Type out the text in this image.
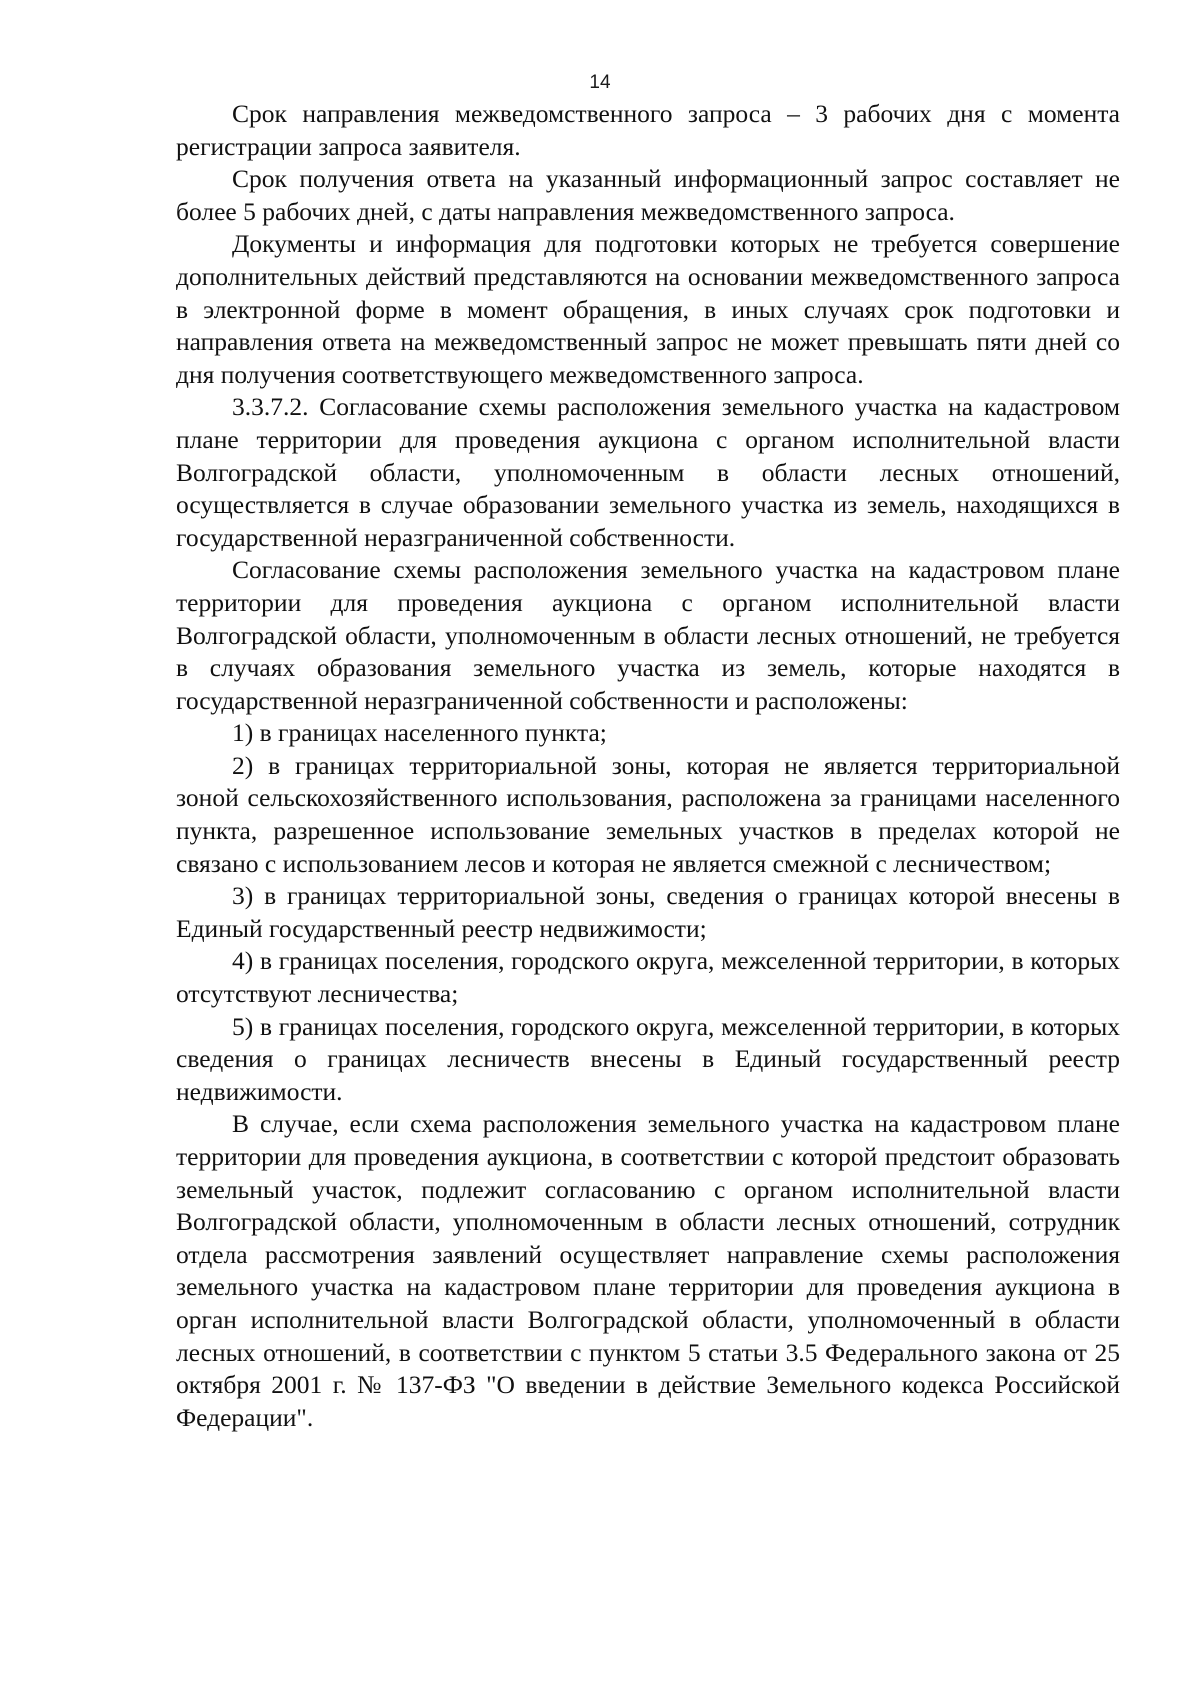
14

Срок направления межведомственного запроса – 3 рабочих дня с момента регистрации запроса заявителя.

Срок получения ответа на указанный информационный запрос составляет не более 5 рабочих дней, с даты направления межведомственного запроса.

Документы и информация для подготовки которых не требуется совершение дополнительных действий представляются на основании межведомственного запроса в электронной форме в момент обращения, в иных случаях срок подготовки и направления ответа на межведомственный запрос не может превышать пяти дней со дня получения соответствующего межведомственного запроса.

3.3.7.2. Согласование схемы расположения земельного участка на кадастровом плане территории для проведения аукциона с органом исполнительной власти Волгоградской области, уполномоченным в области лесных отношений, осуществляется в случае образовании земельного участка из земель, находящихся в государственной неразграниченной собственности.

Согласование схемы расположения земельного участка на кадастровом плане территории для проведения аукциона с органом исполнительной власти Волгоградской области, уполномоченным в области лесных отношений, не требуется в случаях образования земельного участка из земель, которые находятся в государственной неразграниченной собственности и расположены:

1) в границах населенного пункта;

2) в границах территориальной зоны, которая не является территориальной зоной сельскохозяйственного использования, расположена за границами населенного пункта, разрешенное использование земельных участков в пределах которой не связано с использованием лесов и которая не является смежной с лесничеством;

3) в границах территориальной зоны, сведения о границах которой внесены в Единый государственный реестр недвижимости;

4) в границах поселения, городского округа, межселенной территории, в которых отсутствуют лесничества;

5) в границах поселения, городского округа, межселенной территории, в которых сведения о границах лесничеств внесены в Единый государственный реестр недвижимости.

В случае, если схема расположения земельного участка на кадастровом плане территории для проведения аукциона, в соответствии с которой предстоит образовать земельный участок, подлежит согласованию с органом исполнительной власти Волгоградской области, уполномоченным в области лесных отношений, сотрудник отдела рассмотрения заявлений осуществляет направление схемы расположения земельного участка на кадастровом плане территории для проведения аукциона в орган исполнительной власти Волгоградской области, уполномоченный в области лесных отношений, в соответствии с пунктом 5 статьи 3.5 Федерального закона от 25 октября 2001 г. № 137-ФЗ "О введении в действие Земельного кодекса Российской Федерации".
